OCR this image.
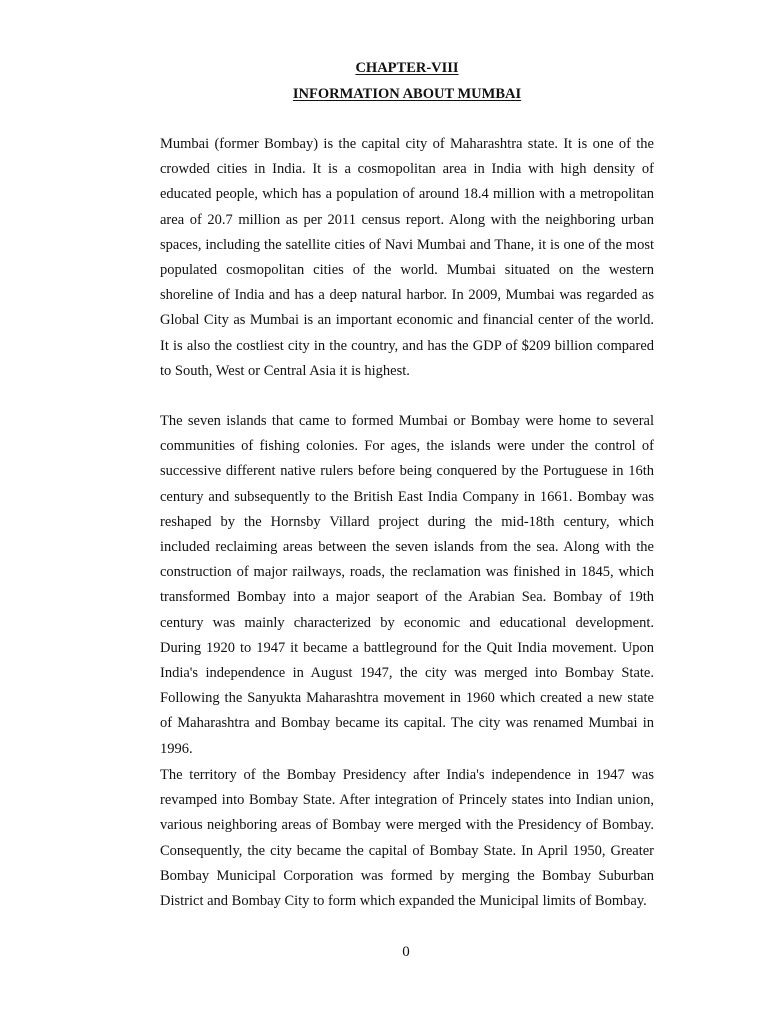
CHAPTER-VIII
INFORMATION ABOUT MUMBAI

Mumbai (former Bombay) is the capital city of Maharashtra state. It is one of the crowded cities in India. It is a cosmopolitan area in India with high density of educated people, which has a population of around 18.4 million with a metropolitan area of 20.7 million as per 2011 census report. Along with the neighboring urban spaces, including the satellite cities of Navi Mumbai and Thane, it is one of the most populated cosmopolitan cities of the world. Mumbai situated on the western shoreline of India and has a deep natural harbor. In 2009, Mumbai was regarded as Global City as Mumbai is an important economic and financial center of the world. It is also the costliest city in the country, and has the GDP of $209 billion compared to South, West or Central Asia it is highest.

The seven islands that came to formed Mumbai or Bombay were home to several communities of fishing colonies. For ages, the islands were under the control of successive different native rulers before being conquered by the Portuguese in 16th century and subsequently to the British East India Company in 1661. Bombay was reshaped by the Hornsby Villard project during the mid-18th century, which included reclaiming areas between the seven islands from the sea. Along with the construction of major railways, roads, the reclamation was finished in 1845, which transformed Bombay into a major seaport of the Arabian Sea. Bombay of 19th century was mainly characterized by economic and educational development. During 1920 to 1947 it became a battleground for the Quit India movement. Upon India's independence in August 1947, the city was merged into Bombay State. Following the Sanyukta Maharashtra movement in 1960 which created a new state of Maharashtra and Bombay became its capital. The city was renamed Mumbai in 1996.

The territory of the Bombay Presidency after India's independence in 1947 was revamped into Bombay State. After integration of Princely states into Indian union, various neighboring areas of Bombay were merged with the Presidency of Bombay. Consequently, the city became the capital of Bombay State. In April 1950, Greater Bombay Municipal Corporation was formed by merging the Bombay Suburban District and Bombay City to form which expanded the Municipal limits of Bombay.

0
